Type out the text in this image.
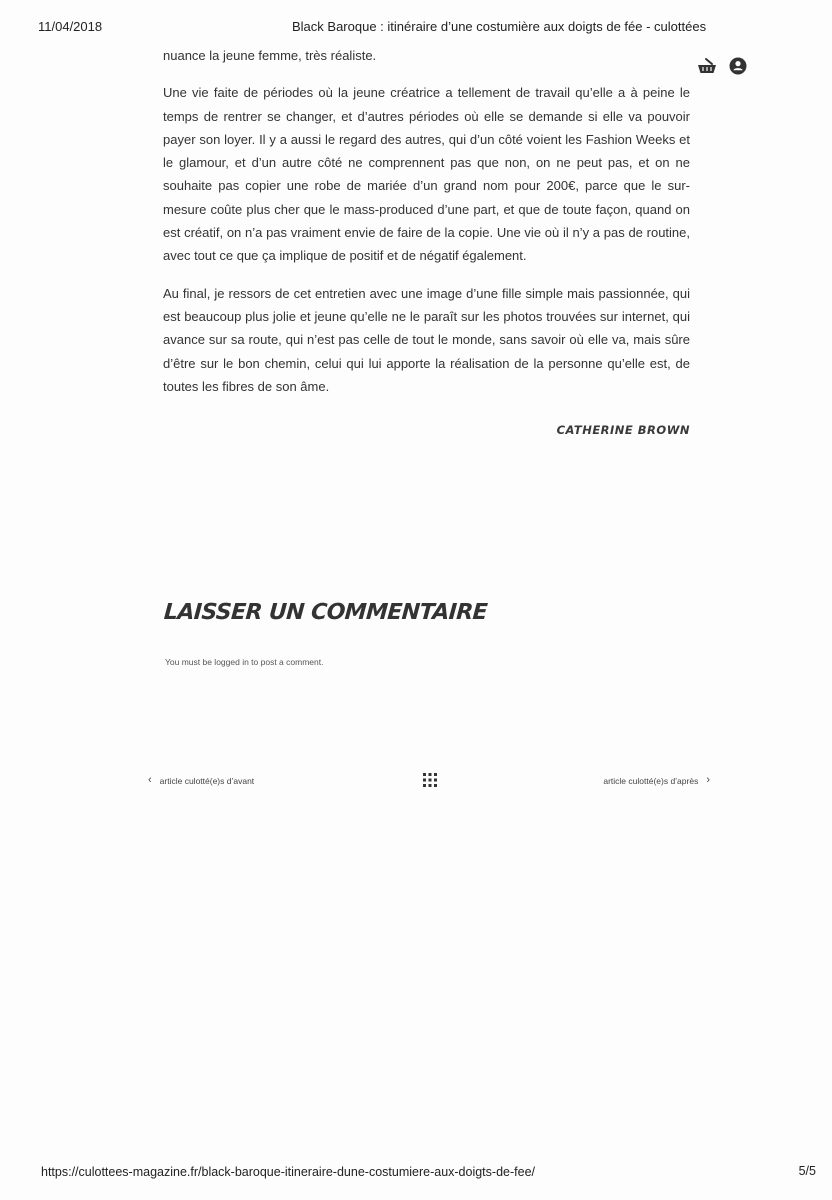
11/04/2018	Black Baroque : itinéraire d’une costumière aux doigts de fée - culottées

nuance la jeune femme, très réaliste.

Une vie faite de périodes où la jeune créatrice a tellement de travail qu’elle a à peine le temps de rentrer se changer, et d’autres périodes où elle se demande si elle va pouvoir payer son loyer. Il y a aussi le regard des autres, qui d’un côté voient les Fashion Weeks et le glamour, et d’un autre côté ne comprennent pas que non, on ne peut pas, et on ne souhaite pas copier une robe de mariée d’un grand nom pour 200€, parce que le sur-mesure coûte plus cher que le mass-produced d’une part, et que de toute façon, quand on est créatif, on n’a pas vraiment envie de faire de la copie. Une vie où il n’y a pas de routine, avec tout ce que ça implique de positif et de négatif également.

Au final, je ressors de cet entretien avec une image d’une fille simple mais passionnée, qui est beaucoup plus jolie et jeune qu’elle ne le paraît sur les photos trouvées sur internet, qui avance sur sa route, qui n’est pas celle de tout le monde, sans savoir où elle va, mais sûre d’être sur le bon chemin, celui qui lui apporte la réalisation de la personne qu’elle est, de toutes les fibres de son âme.

CATHERINE BROWN
LAISSER UN COMMENTAIRE
You must be logged in to post a comment.
‹ article culotté(e)s d’avant	article culotté(e)s d’après ›
https://culottees-magazine.fr/black-baroque-itineraire-dune-costumiere-aux-doigts-de-fee/	5/5
